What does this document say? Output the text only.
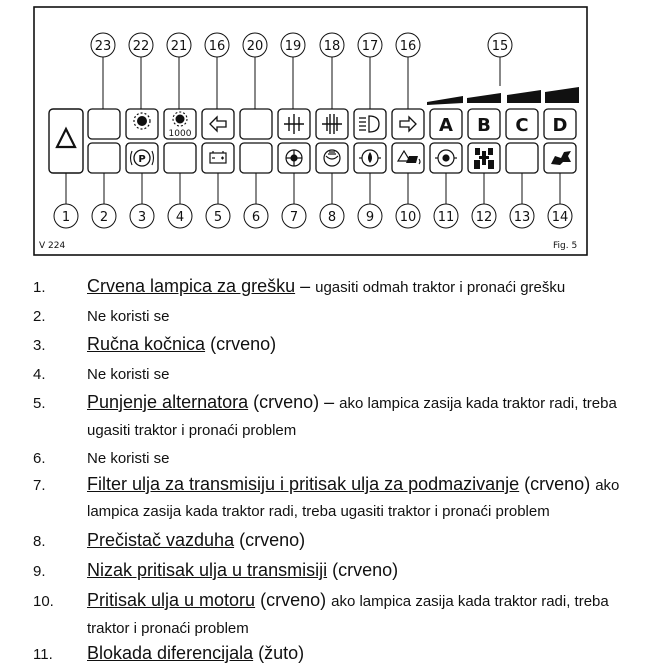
V 224	Fig. 5
23 22 21 16 20 19 18 17 16	15
1000	A B C D
P
1 2 3 4 5 6 7 8 9 10 11 12 13 14
1. Crvena lampica za grešku – ugasiti odmah traktor i pronaći grešku
2.	Ne koristi se
3. Ručna kočnica (crveno)
4.	Ne koristi se
5. Punjenje alternatora (crveno) – ako lampica zasija kada traktor radi, treba
ugasiti traktor i pronaći problem
6.	Ne koristi se
7. Filter ulja za transmisiju i pritisak ulja za podmazivanje (crveno) ako
lampica zasija kada traktor radi, treba ugasiti traktor i pronaći problem
8. Prečistač vazduha (crveno)
9. Nizak pritisak ulja u transmisiji (crveno)
10. Pritisak ulja u motoru (crveno) ako lampica zasija kada traktor radi, treba
traktor i pronaći problem
11. Blokada diferencijala (žuto)
